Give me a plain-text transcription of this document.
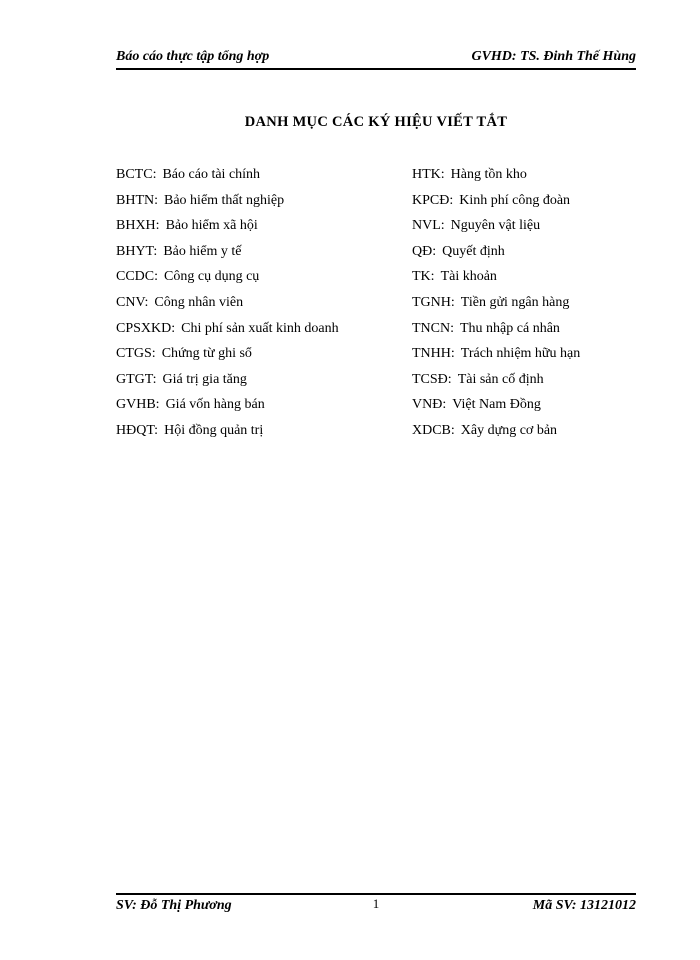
Báo cáo thực tập tổng hợp	GVHD: TS. Đinh Thế Hùng
DANH MỤC CÁC KÝ HIỆU VIẾT TẮT
BCTC: Báo cáo tài chính
BHTN: Bảo hiểm thất nghiệp
BHXH: Bảo hiểm xã hội
BHYT: Bảo hiểm y tế
CCDC: Công cụ dụng cụ
CNV: Công nhân viên
CPSXKD: Chi phí sản xuất kinh doanh
CTGS: Chứng từ ghi sổ
GTGT: Giá trị gia tăng
GVHB: Giá vốn hàng bán
HĐQT: Hội đồng quản trị
HTK: Hàng tồn kho
KPCĐ: Kinh phí công đoàn
NVL: Nguyên vật liệu
QĐ: Quyết định
TK: Tài khoản
TGNH: Tiền gửi ngân hàng
TNCN: Thu nhập cá nhân
TNHH: Trách nhiệm hữu hạn
TCSĐ: Tài sản cố định
VNĐ: Việt Nam Đồng
XDCB: Xây dựng cơ bản
SV: Đỗ Thị Phương	1	Mã SV: 13121012
